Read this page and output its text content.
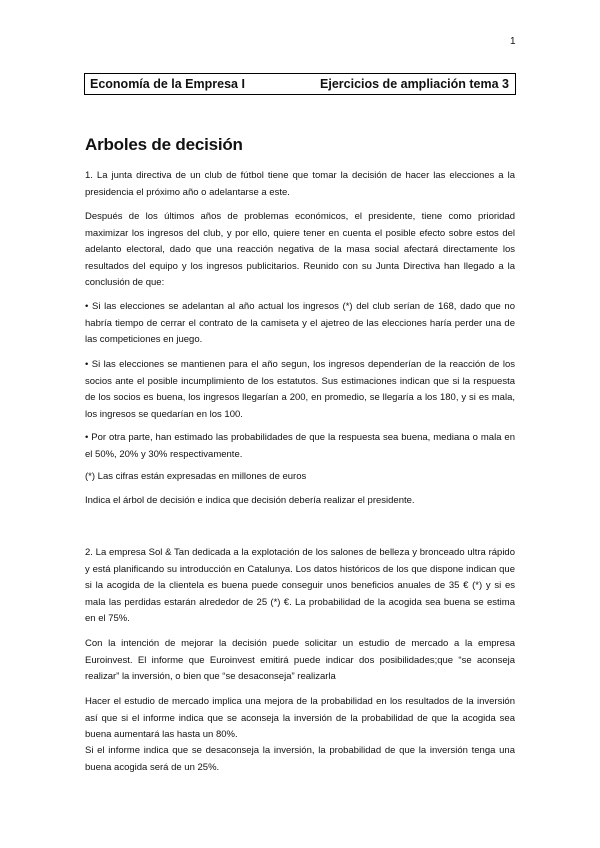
1
Economía de la Empresa I	Ejercicios de ampliación tema 3
Arboles de decisión
1. La junta directiva de un club de fútbol tiene que tomar la decisión de hacer las elecciones a la presidencia el próximo año o adelantarse a este.
Después de los últimos años de problemas económicos, el presidente, tiene como prioridad maximizar los ingresos del club, y por ello, quiere tener en cuenta el posible efecto sobre estos del adelanto electoral, dado que una reacción negativa de la masa social afectará directamente los resultados del equipo y los ingresos publicitarios. Reunido con su Junta Directiva han llegado a la conclusión de que:
• Si las elecciones se adelantan al año actual los ingresos (*) del club serían de 168, dado que no habría tiempo de cerrar el contrato de la camiseta y el ajetreo de las elecciones haría perder una de las competiciones en juego.
• Si las elecciones se mantienen para el año segun, los ingresos dependerían de la reacción de los socios ante el posible incumplimiento de los estatutos. Sus estimaciones indican que si la respuesta de los socios es buena, los ingresos llegarían a 200, en promedio, se llegaría a los 180, y si es mala, los ingresos se quedarían en los 100.
• Por otra parte, han estimado las probabilidades de que la respuesta sea buena, mediana o mala en el 50%, 20% y 30% respectivamente.
(*) Las cifras están expresadas en millones de euros
Indica el árbol de decisión e indica que decisión debería realizar el presidente.
2. La empresa Sol & Tan dedicada a la explotación de los salones de belleza y bronceado ultra rápido y está planificando su introducción en Catalunya. Los datos históricos de los que dispone indican que si la acogida de la clientela es buena puede conseguir unos beneficios anuales de 35 € (*) y si es mala las perdidas estarán alrededor de 25 (*) €. La probabilidad de la acogida sea buena se estima en el 75%.
Con la intención de mejorar la decisión puede solicitar un estudio de mercado a la empresa Euroinvest. El informe que Euroinvest emitirá puede indicar dos posibilidades;que “se aconseja realizar” la inversión, o bien que “se desaconseja” realizarla
Hacer el estudio de mercado implica una mejora de la probabilidad en los resultados de la inversión así que si el informe indica que se aconseja la inversión de la probabilidad de que la acogida sea buena aumentará las hasta un 80%.
Si el informe indica que se desaconseja la inversión, la probabilidad de que la inversión tenga una buena acogida será de un 25%.
